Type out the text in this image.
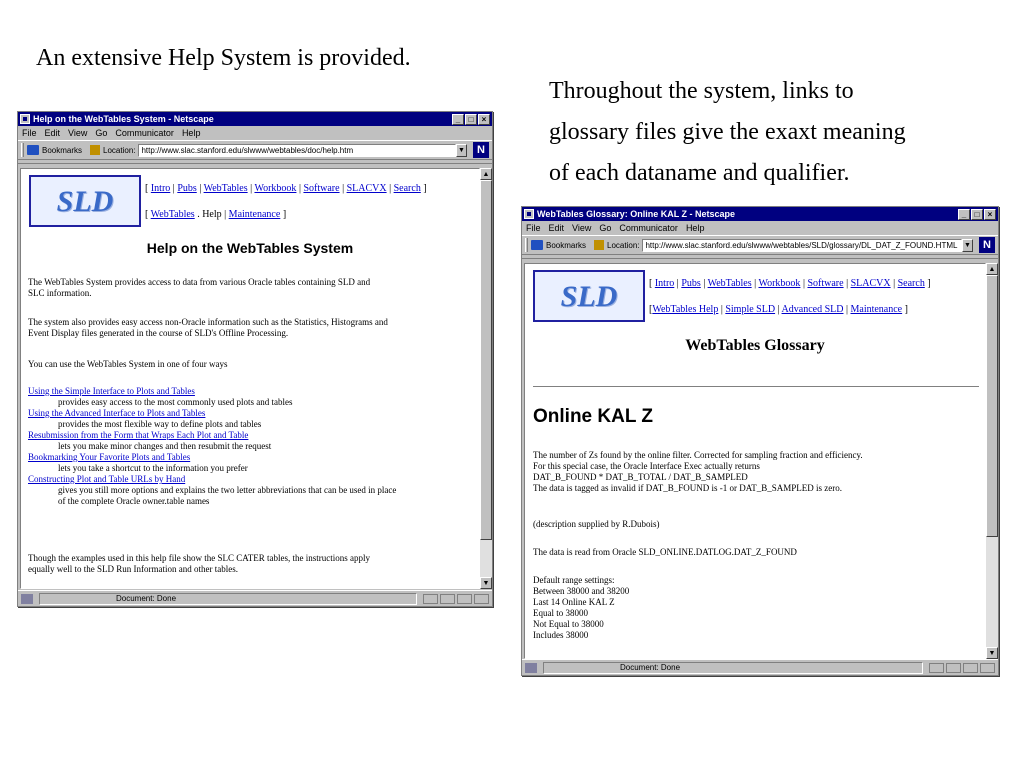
An extensive Help System is provided.
Throughout the system, links to
glossary files give the exaxt meaning
of each dataname and qualifier.
Help on the WebTables System - Netscape	_	□	×
File Edit View Go Communicator Help
Bookmarks	Location: http://www.slac.stanford.edu/slwww/webtables/doc/help.htm	▼	N
SLD	[ Intro | Pubs | WebTables | Workbook | Software | SLACVX | Search ]
[ WebTables . Help | Maintenance ]
Help on the WebTables System
The WebTables System provides access to data from various Oracle tables containing SLD and
SLC information.
The system also provides easy access non-Oracle information such as the Statistics, Histograms and
Event Display files generated in the course of SLD's Offline Processing.
You can use the WebTables System in one of four ways
Using the Simple Interface to Plots and Tables
provides easy access to the most commonly used plots and tables
Using the Advanced Interface to Plots and Tables
provides the most flexible way to define plots and tables
Resubmission from the Form that Wraps Each Plot and Table
lets you make minor changes and then resubmit the request
Bookmarking Your Favorite Plots and Tables
lets you take a shortcut to the information you prefer
Constructing Plot and Table URLs by Hand
gives you still more options and explains the two letter abbreviations that can be used in place
of the complete Oracle owner.table names
Though the examples used in this help file show the SLC CATER tables, the instructions apply
equally well to the SLD Run Information and other tables.
▲
▼
Document: Done
WebTables Glossary: Online KAL Z - Netscape	_	□	×
File Edit View Go Communicator Help
Bookmarks	Location: http://www.slac.stanford.edu/slwww/webtables/SLD/glossary/DL_DAT_Z_FOUND.HTML ▼	N
SLD	[ Intro | Pubs | WebTables | Workbook | Software | SLACVX | Search ]
[WebTables Help | Simple SLD | Advanced SLD | Maintenance ]
WebTables Glossary
Online KAL Z
The number of Zs found by the online filter. Corrected for sampling fraction and efficiency.
For this special case, the Oracle Interface Exec actually returns
DAT_B_FOUND * DAT_B_TOTAL / DAT_B_SAMPLED
The data is tagged as invalid if DAT_B_FOUND is -1 or DAT_B_SAMPLED is zero.
(description supplied by R.Dubois)
The data is read from Oracle SLD_ONLINE.DATLOG.DAT_Z_FOUND
Default range settings:
Between 38000 and 38200
Last 14 Online KAL Z
Equal to 38000
Not Equal to 38000
Includes 38000
▲
▼
Document: Done
